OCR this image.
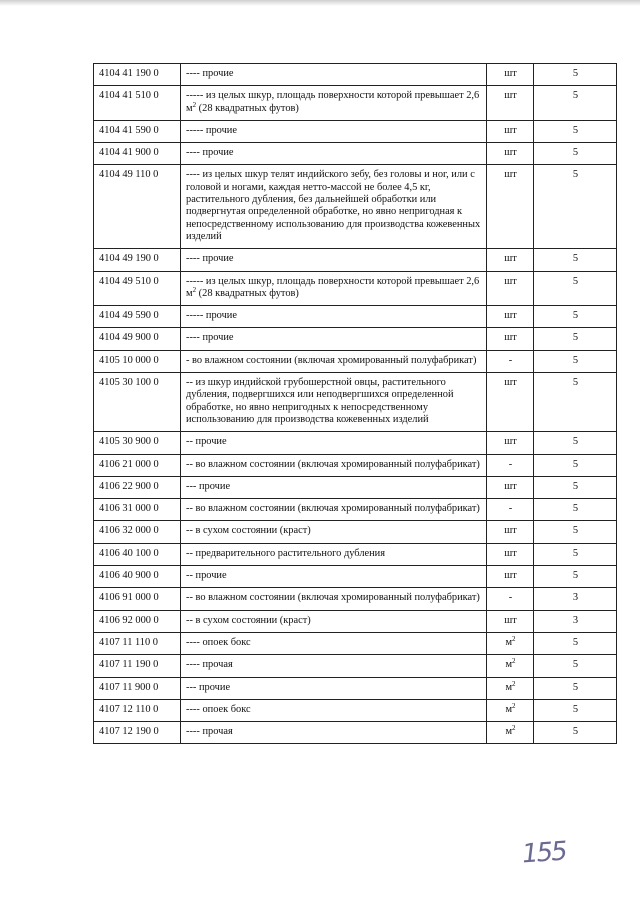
4104 41 190 0	---- прочие	шт	5
4104 41 510 0	----- из целых шкур, площадь поверхности которой превышает 2,6 $м^2$ (28 квадратных футов)	шт	5
4104 41 590 0	----- прочие	шт	5
4104 41 900 0	---- прочие	шт	5
4104 49 110 0	---- из целых шкур телят индийского зебу, без головы и ног, или с головой и ногами, каждая нетто-массой не более 4,5 кг, растительного дубления, без дальнейшей обработки или подвергнутая определенной обработке, но явно непригодная к непосредственному использованию для производства кожевенных изделий	шт	5
4104 49 190 0	---- прочие	шт	5
4104 49 510 0	----- из целых шкур, площадь поверхности которой превышает 2,6 $м^2$ (28 квадратных футов)	шт	5
4104 49 590 0	----- прочие	шт	5
4104 49 900 0	---- прочие	шт	5
4105 10 000 0	- во влажном состоянии (включая хромированный полуфабрикат)	-	5
4105 30 100 0	-- из шкур индийской грубошерстной овцы, растительного дубления, подвергшихся или неподвергшихся определенной обработке, но явно непригодных к непосредственному использованию для производства кожевенных изделий	шт	5
4105 30 900 0	-- прочие	шт	5
4106 21 000 0	-- во влажном состоянии (включая хромированный полуфабрикат)	-	5
4106 22 900 0	--- прочие	шт	5
4106 31 000 0	-- во влажном состоянии (включая хромированный полуфабрикат)	-	5
4106 32 000 0	-- в сухом состоянии (краст)	шт	5
4106 40 100 0	-- предварительного растительного дубления	шт	5
4106 40 900 0	-- прочие	шт	5
4106 91 000 0	-- во влажном состоянии (включая хромированный полуфабрикат)	-	3
4106 92 000 0	-- в сухом состоянии (краст)	шт	3
4107 11 110 0	---- опоек бокс	$м^2$	5
4107 11 190 0	---- прочая	$м^2$	5
4107 11 900 0	--- прочие	$м^2$	5
4107 12 110 0	---- опоек бокс	$м^2$	5
4107 12 190 0	---- прочая	$м^2$	5
155
